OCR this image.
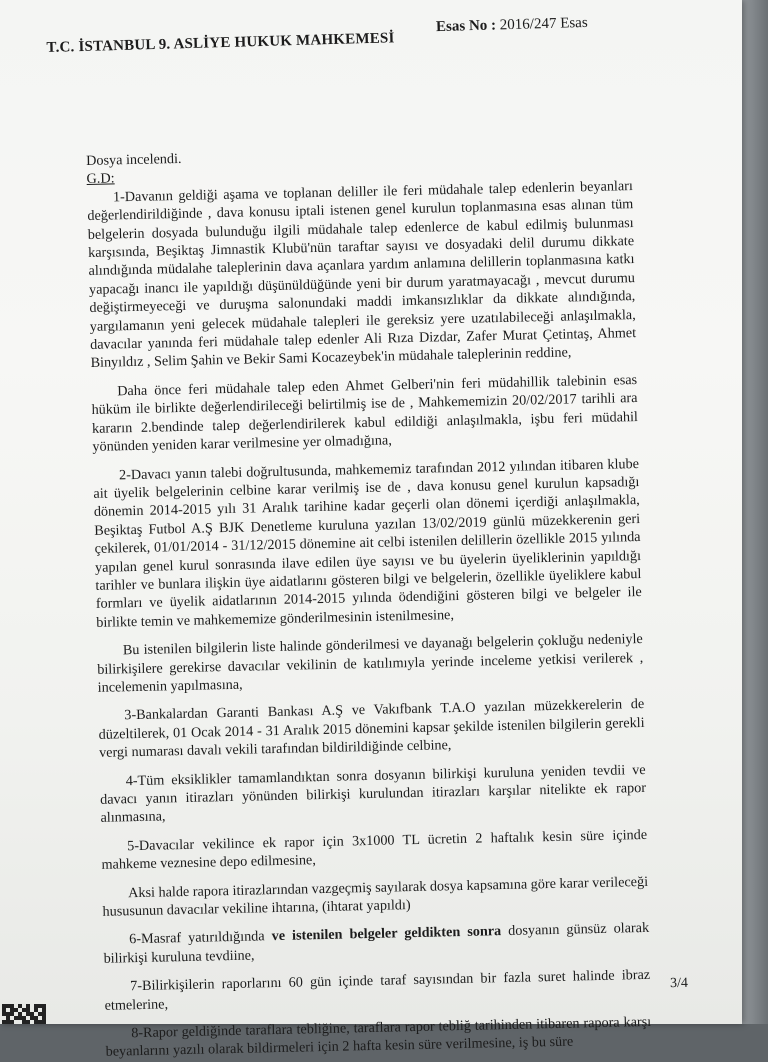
T.C. İSTANBUL 9. ASLİYE HUKUK MAHKEMESİ
Esas No : 2016/247 Esas

Dosya incelendi.

G.D:

1-Davanın geldiği aşama ve toplanan deliller ile feri müdahale talep edenlerin beyanları değerlendirildiğinde , dava konusu iptali istenen genel kurulun toplanmasına esas alınan tüm belgelerin dosyada bulunduğu ilgili müdahale talep edenlerce de kabul edilmiş bulunması karşısında, Beşiktaş Jimnastik Klubü'nün taraftar sayısı ve dosyadaki delil durumu dikkate alındığında müdalahe taleplerinin dava açanlara yardım anlamına delillerin toplanmasına katkı yapacağı inancı ile yapıldığı düşünüldüğünde yeni bir durum yaratmayacağı , mevcut durumu değiştirmeyeceği ve duruşma salonundaki maddi imkansızlıklar da dikkate alındığında, yargılamanın yeni gelecek müdahale talepleri ile gereksiz yere uzatılabileceği anlaşılmakla, davacılar yanında feri müdahale talep edenler Ali Rıza Dizdar, Zafer Murat Çetintaş, Ahmet Binyıldız , Selim Şahin ve Bekir Sami Kocazeybek'in müdahale taleplerinin reddine,

Daha önce feri müdahale talep eden Ahmet Gelberi'nin feri müdahillik talebinin esas hüküm ile birlikte değerlendirileceği belirtilmiş ise de , Mahkememizin 20/02/2017 tarihli ara kararın 2.bendinde talep değerlendirilerek kabul edildiği anlaşılmakla, işbu feri müdahil yönünden yeniden karar verilmesine yer olmadığına,

2-Davacı yanın talebi doğrultusunda, mahkememiz tarafından 2012 yılından itibaren klube ait üyelik belgelerinin celbine karar verilmiş ise de , dava konusu genel kurulun kapsadığı dönemin 2014-2015 yılı 31 Aralık tarihine kadar geçerli olan dönemi içerdiği anlaşılmakla, Beşiktaş Futbol A.Ş BJK Denetleme kuruluna yazılan 13/02/2019 günlü müzekkerenin geri çekilerek, 01/01/2014 - 31/12/2015 dönemine ait celbi istenilen delillerin özellikle 2015 yılında yapılan genel kurul sonrasında ilave edilen üye sayısı ve bu üyelerin üyeliklerinin yapıldığı tarihler ve bunlara ilişkin üye aidatlarını gösteren bilgi ve belgelerin, özellikle üyeliklere kabul formları ve üyelik aidatlarının 2014-2015 yılında ödendiğini gösteren bilgi ve belgeler ile birlikte temin ve mahkememize gönderilmesinin istenilmesine,

Bu istenilen bilgilerin liste halinde gönderilmesi ve dayanağı belgelerin çokluğu nedeniyle bilirkişilere gerekirse davacılar vekilinin de katılımıyla yerinde inceleme yetkisi verilerek , incelemenin yapılmasına,

3-Bankalardan Garanti Bankası A.Ş ve Vakıfbank T.A.O yazılan müzekkerelerin de düzeltilerek, 01 Ocak 2014 - 31 Aralık 2015 dönemini kapsar şekilde istenilen bilgilerin gerekli vergi numarası davalı vekili tarafından bildirildiğinde celbine,

4-Tüm eksiklikler tamamlandıktan sonra dosyanın bilirkişi kuruluna yeniden tevdii ve davacı yanın itirazları yönünden bilirkişi kurulundan itirazları karşılar nitelikte ek rapor alınmasına,

5-Davacılar vekilince ek rapor için 3x1000 TL ücretin 2 haftalık kesin süre içinde mahkeme veznesine depo edilmesine,

Aksi halde rapora itirazlarından vazgeçmiş sayılarak dosya kapsamına göre karar verileceği hususunun davacılar vekiline ihtarına, (ihtarat yapıldı)

6-Masraf yatırıldığında ve istenilen belgeler geldikten sonra dosyanın günsüz olarak bilirkişi kuruluna tevdiine,

7-Bilirkişilerin raporlarını 60 gün içinde taraf sayısından bir fazla suret halinde ibraz etmelerine,

8-Rapor geldiğinde taraflara tebliğine, taraflara rapor tebliğ tarihinden itibaren rapora karşı beyanlarını yazılı olarak bildirmeleri için 2 hafta kesin süre verilmesine, iş bu süre

3/4
